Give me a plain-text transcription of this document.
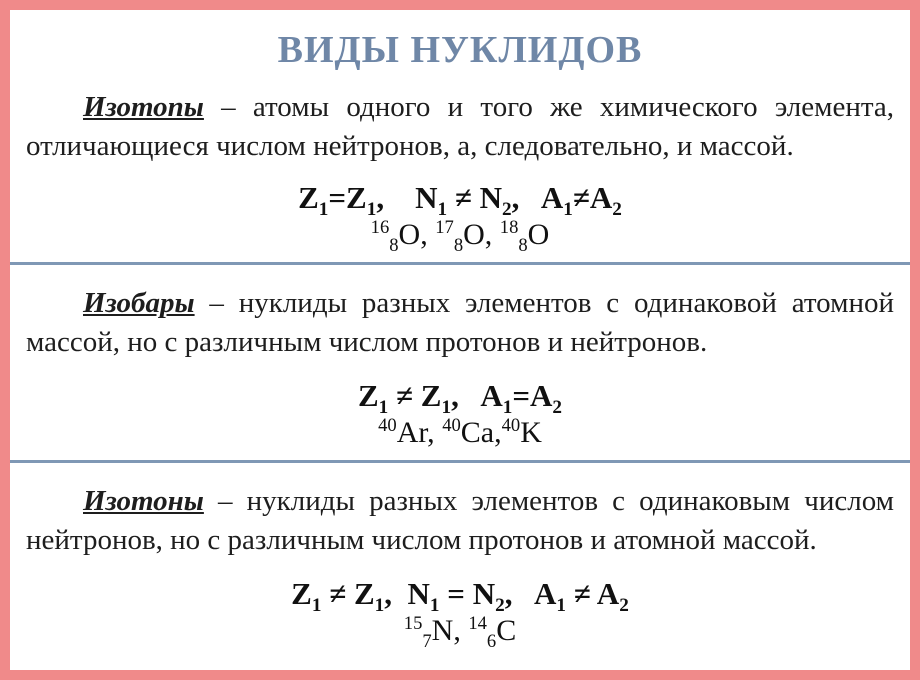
ВИДЫ НУКЛИДОВ
Изотопы – атомы одного и того же химического элемента, отличающиеся числом нейтронов, а, следовательно, и массой.
$Z_1=Z_1$,    $N_1 \ne N_2$,   $A_1\ne A_2$
$^{16}_8$O, $^{17}_8$O, $^{18}_8$O
Изобары – нуклиды разных элементов с одинаковой атомной массой, но с различным числом протонов и нейтронов.
$Z_1 \ne Z_1$,   $A_1=A_2$
$^{40}$Ar, $^{40}$Ca,$^{40}$K
Изотоны – нуклиды разных элементов с одинаковым числом нейтронов, но с различным числом протонов и атомной массой.
$Z_1 \ne Z_1$,  $N_1 = N_2$,   $A_1 \ne A_2$
$^{15}_7$N, $^{14}_6$C
